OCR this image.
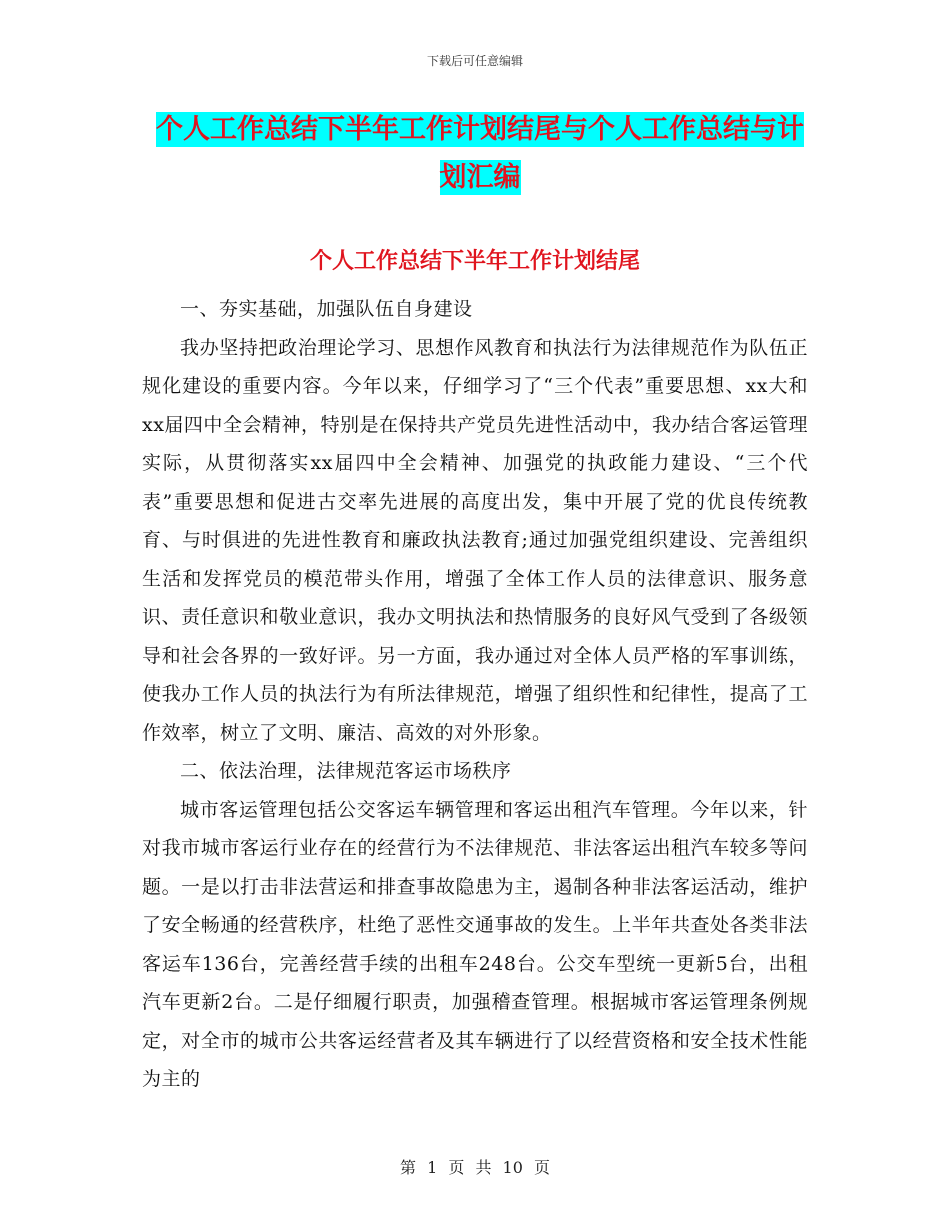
下载后可任意编辑
个人工作总结下半年工作计划结尾与个人工作总结与计划汇编
个人工作总结下半年工作计划结尾

一、夯实基础，加强队伍自身建设

我办坚持把政治理论学习、思想作风教育和执法行为法律规范作为队伍正规化建设的重要内容。今年以来，仔细学习了“三个代表”重要思想、xx大和xx届四中全会精神，特别是在保持共产党员先进性活动中，我办结合客运管理实际，从贯彻落实xx届四中全会精神、加强党的执政能力建设、“三个代表”重要思想和促进古交率先进展的高度出发，集中开展了党的优良传统教育、与时俱进的先进性教育和廉政执法教育;通过加强党组织建设、完善组织生活和发挥党员的模范带头作用，增强了全体工作人员的法律意识、服务意识、责任意识和敬业意识，我办文明执法和热情服务的良好风气受到了各级领导和社会各界的一致好评。另一方面，我办通过对全体人员严格的军事训练，使我办工作人员的执法行为有所法律规范，增强了组织性和纪律性，提高了工作效率，树立了文明、廉洁、高效的对外形象。

二、依法治理，法律规范客运市场秩序

城市客运管理包括公交客运车辆管理和客运出租汽车管理。今年以来，针对我市城市客运行业存在的经营行为不法律规范、非法客运出租汽车较多等问题。一是以打击非法营运和排查事故隐患为主，遏制各种非法客运活动，维护了安全畅通的经营秩序，杜绝了恶性交通事故的发生。上半年共查处各类非法客运车136台，完善经营手续的出租车248台。公交车型统一更新5台，出租汽车更新2台。二是仔细履行职责，加强稽查管理。根据城市客运管理条例规定，对全市的城市公共客运经营者及其车辆进行了以经营资格和安全技术性能为主的

第 1 页 共 10 页
